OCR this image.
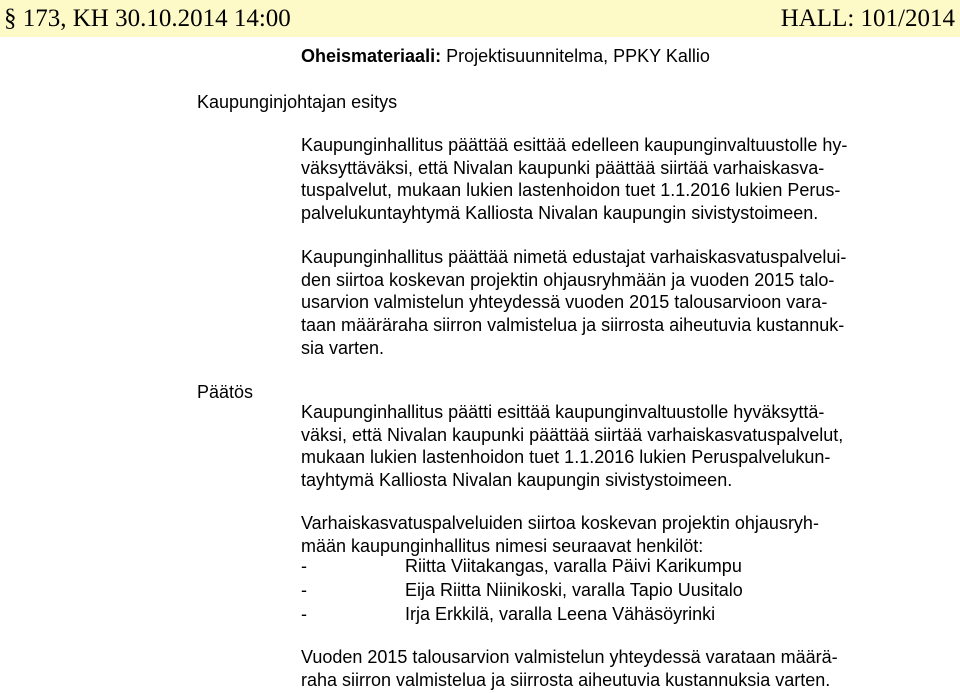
§ 173, KH 30.10.2014 14:00	HALL: 101/2014
Oheismateriaali: Projektisuunnitelma, PPKY Kallio
Kaupunginjohtajan esitys

Kaupunginhallitus päättää esittää edelleen kaupunginvaltuustolle hy-
väksyttäväksi, että Nivalan kaupunki päättää siirtää varhaiskasva-
tuspalvelut, mukaan lukien lastenhoidon tuet 1.1.2016 lukien Perus-
palvelukuntayhtymä Kalliosta Nivalan kaupungin sivistystoimeen.

Kaupunginhallitus päättää nimetä edustajat varhaiskasvatuspalvelui-
den siirtoa koskevan projektin ohjausryhmään ja vuoden 2015 talo-
usarvion valmistelun yhteydessä vuoden 2015 talousarvioon vara-
taan määräraha siirron valmistelua ja siirrosta aiheutuvia kustannuk-
sia varten.

Päätös

Kaupunginhallitus päätti esittää kaupunginvaltuustolle hyväksyttä-
väksi, että Nivalan kaupunki päättää siirtää varhaiskasvatuspalvelut,
mukaan lukien lastenhoidon tuet 1.1.2016 lukien Peruspalvelukun-
tayhtymä Kalliosta Nivalan kaupungin sivistystoimeen.

Varhaiskasvatuspalveluiden siirtoa koskevan projektin ohjausryh-
mään kaupunginhallitus nimesi seuraavat henkilöt:

-	Riitta Viitakangas, varalla Päivi Karikumpu
-	Eija Riitta Niinikoski, varalla Tapio Uusitalo
-	Irja Erkkilä, varalla Leena Vähäsöyrinki

Vuoden 2015 talousarvion valmistelun yhteydessä varataan määrä-
raha siirron valmistelua ja siirrosta aiheutuvia kustannuksia varten.
